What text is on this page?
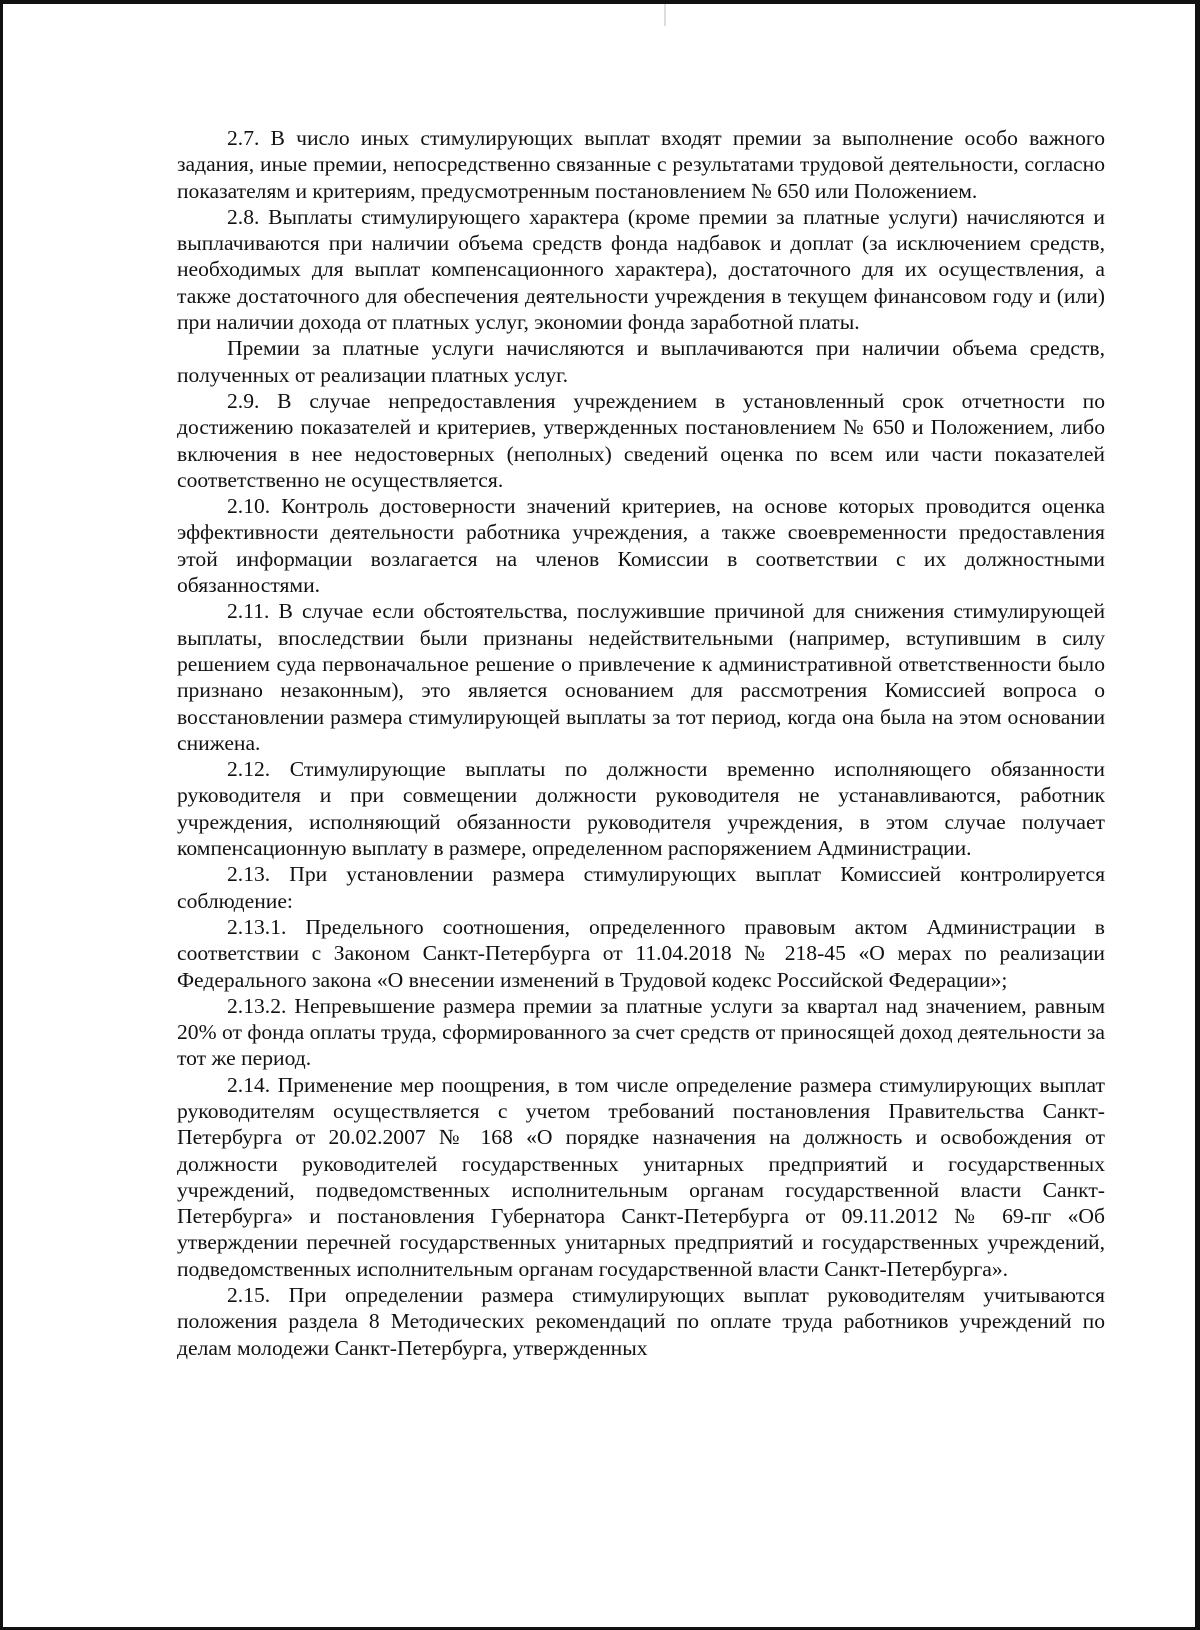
2.7. В число иных стимулирующих выплат входят премии за выполнение особо важного задания, иные премии, непосредственно связанные с результатами трудовой деятельности, согласно показателям и критериям, предусмотренным постановлением № 650 или Положением.

2.8. Выплаты стимулирующего характера (кроме премии за платные услуги) начисляются и выплачиваются при наличии объема средств фонда надбавок и доплат (за исключением средств, необходимых для выплат компенсационного характера), достаточного для их осуществления, а также достаточного для обеспечения деятельности учреждения в текущем финансовом году и (или) при наличии дохода от платных услуг, экономии фонда заработной платы.

Премии за платные услуги начисляются и выплачиваются при наличии объема средств, полученных от реализации платных услуг.

2.9. В случае непредоставления учреждением в установленный срок отчетности по достижению показателей и критериев, утвержденных постановлением № 650 и Положением, либо включения в нее недостоверных (неполных) сведений оценка по всем или части показателей соответственно не осуществляется.

2.10. Контроль достоверности значений критериев, на основе которых проводится оценка эффективности деятельности работника учреждения, а также своевременности предоставления этой информации возлагается на членов Комиссии в соответствии с их должностными обязанностями.

2.11. В случае если обстоятельства, послужившие причиной для снижения стимулирующей выплаты, впоследствии были признаны недействительными (например, вступившим в силу решением суда первоначальное решение о привлечение к административной ответственности было признано незаконным), это является основанием для рассмотрения Комиссией вопроса о восстановлении размера стимулирующей выплаты за тот период, когда она была на этом основании снижена.

2.12. Стимулирующие выплаты по должности временно исполняющего обязанности руководителя и при совмещении должности руководителя не устанавливаются, работник учреждения, исполняющий обязанности руководителя учреждения, в этом случае получает компенсационную выплату в размере, определенном распоряжением Администрации.

2.13. При установлении размера стимулирующих выплат Комиссией контролируется соблюдение:

2.13.1. Предельного соотношения, определенного правовым актом Администрации в соответствии с Законом Санкт-Петербурга от 11.04.2018 № 218-45 «О мерах по реализации Федерального закона «О внесении изменений в Трудовой кодекс Российской Федерации»;

2.13.2. Непревышение размера премии за платные услуги за квартал над значением, равным 20% от фонда оплаты труда, сформированного за счет средств от приносящей доход деятельности за тот же период.

2.14. Применение мер поощрения, в том числе определение размера стимулирующих выплат руководителям осуществляется с учетом требований постановления Правительства Санкт-Петербурга от 20.02.2007 № 168 «О порядке назначения на должность и освобождения от должности руководителей государственных унитарных предприятий и государственных учреждений, подведомственных исполнительным органам государственной власти Санкт-Петербурга» и постановления Губернатора Санкт-Петербурга от 09.11.2012 № 69-пг «Об утверждении перечней государственных унитарных предприятий и государственных учреждений, подведомственных исполнительным органам государственной власти Санкт-Петербурга».

2.15. При определении размера стимулирующих выплат руководителям учитываются положения раздела 8 Методических рекомендаций по оплате труда работников учреждений по делам молодежи Санкт-Петербурга, утвержденных
